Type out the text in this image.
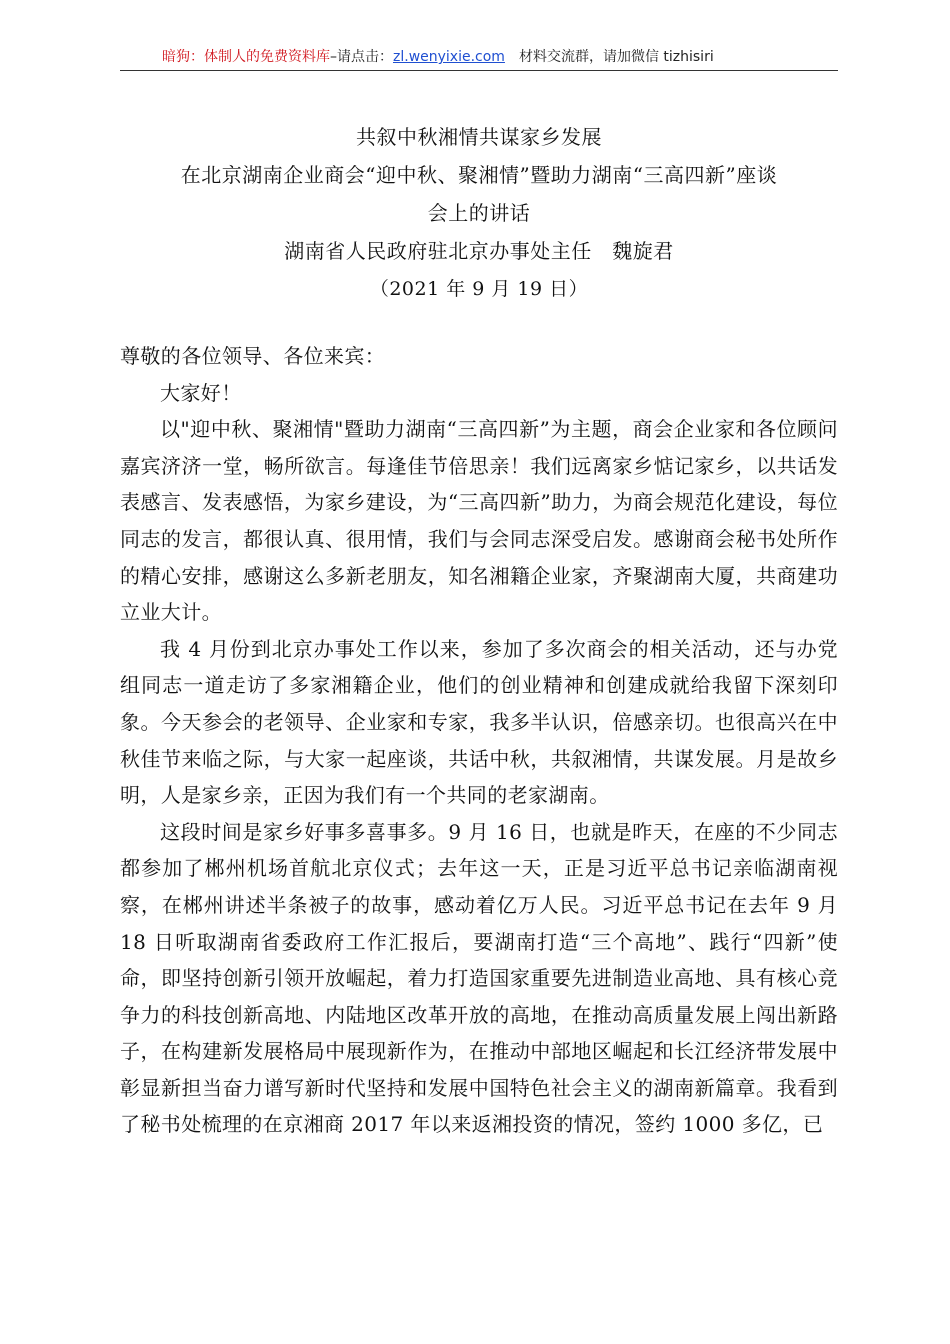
暗狗：体制人的免费资料库–请点击：zl.wenyixie.com 材料交流群，请加微信 tizhisiri
共叙中秋湘情共谋家乡发展
在北京湖南企业商会“迎中秋、聚湘情”暨助力湖南“三高四新”座谈
会上的讲话
湖南省人民政府驻北京办事处主任　魏旋君
（2021 年 9 月 19 日）

尊敬的各位领导、各位来宾：

大家好！

以"迎中秋、聚湘情"暨助力湖南“三高四新”为主题，商会企业家和各位顾问嘉宾济济一堂，畅所欲言。每逢佳节倍思亲！我们远离家乡惦记家乡，以共话发表感言、发表感悟，为家乡建设，为“三高四新”助力，为商会规范化建设，每位同志的发言，都很认真、很用情，我们与会同志深受启发。感谢商会秘书处所作的精心安排，感谢这么多新老朋友，知名湘籍企业家，齐聚湖南大厦，共商建功立业大计。

我 4 月份到北京办事处工作以来，参加了多次商会的相关活动，还与办党组同志一道走访了多家湘籍企业，他们的创业精神和创建成就给我留下深刻印象。今天参会的老领导、企业家和专家，我多半认识，倍感亲切。也很高兴在中秋佳节来临之际，与大家一起座谈，共话中秋，共叙湘情，共谋发展。月是故乡明，人是家乡亲，正因为我们有一个共同的老家湖南。

这段时间是家乡好事多喜事多。9 月 16 日，也就是昨天，在座的不少同志都参加了郴州机场首航北京仪式；去年这一天，正是习近平总书记亲临湖南视察，在郴州讲述半条被子的故事，感动着亿万人民。习近平总书记在去年 9 月 18 日听取湖南省委政府工作汇报后，要湖南打造“三个高地”、践行“四新”使命，即坚持创新引领开放崛起，着力打造国家重要先进制造业高地、具有核心竞争力的科技创新高地、内陆地区改革开放的高地，在推动高质量发展上闯出新路子，在构建新发展格局中展现新作为，在推动中部地区崛起和长江经济带发展中彰显新担当奋力谱写新时代坚持和发展中国特色社会主义的湖南新篇章。我看到了秘书处梳理的在京湘商 2017 年以来返湘投资的情况，签约 1000 多亿，已
